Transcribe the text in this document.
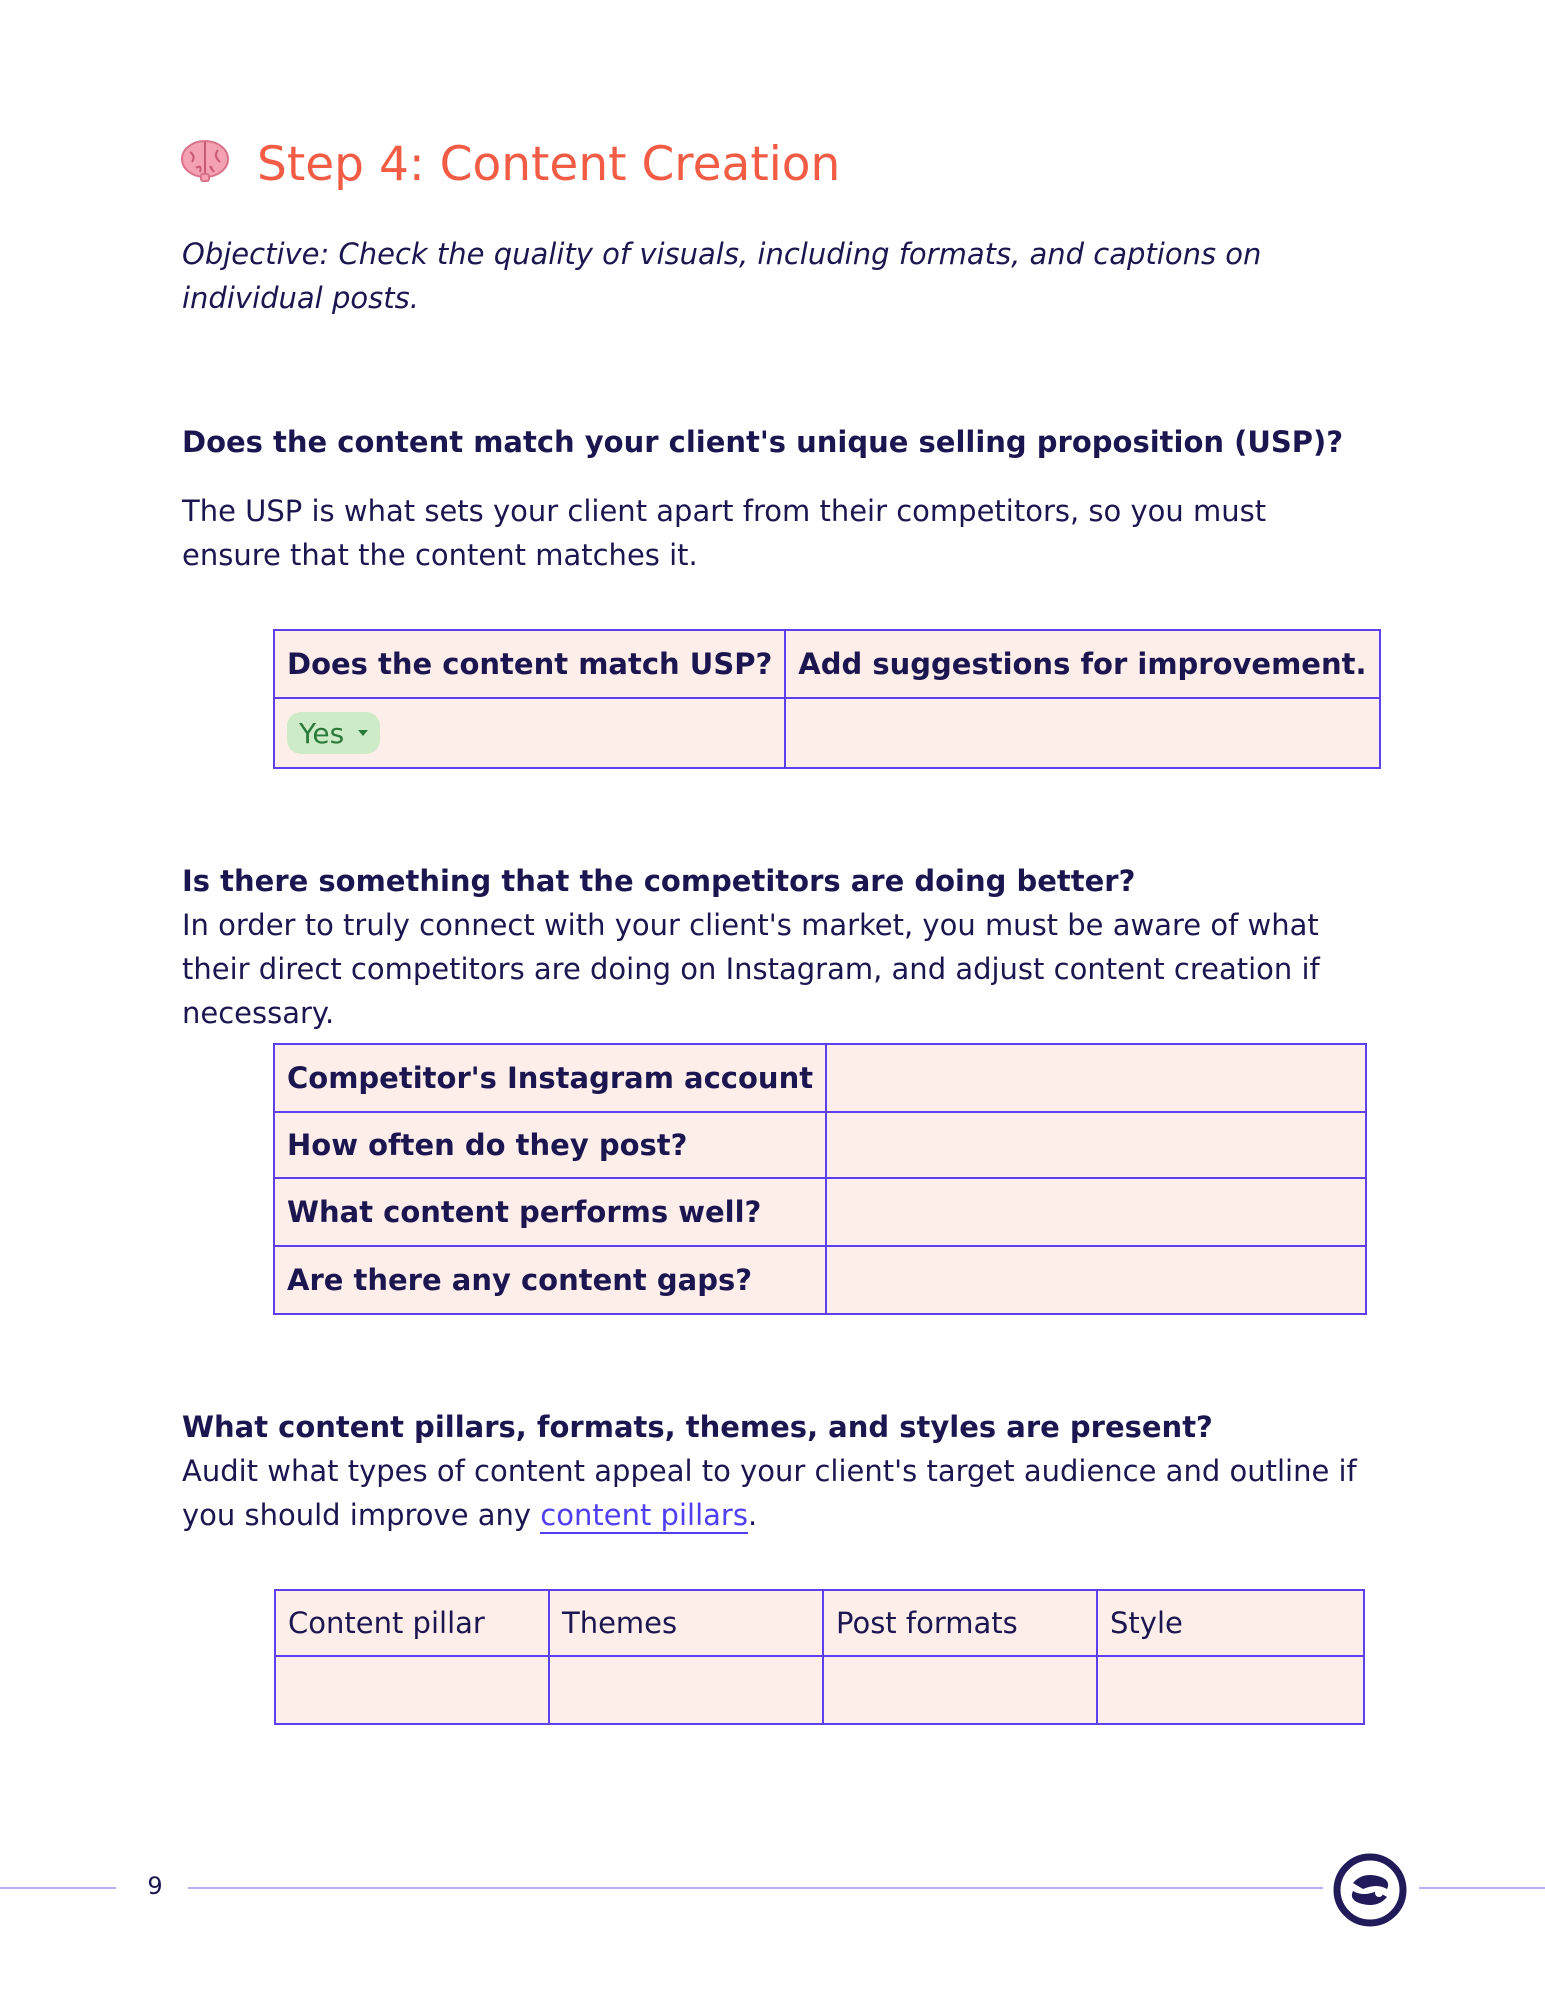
Step 4: Content Creation
Objective: Check the quality of visuals, including formats, and captions on individual posts.
Does the content match your client's unique selling proposition (USP)?
The USP is what sets your client apart from their competitors, so you must ensure that the content matches it.
Does the content match USP?	Add suggestions for improvement.

Yes	

Is there something that the competitors are doing better?
In order to truly connect with your client's market, you must be aware of what their direct competitors are doing on Instagram, and adjust content creation if necessary.
Competitor's Instagram account	
How often do they post?	
What content performs well?	
Are there any content gaps?	
What content pillars, formats, themes, and styles are present?
Audit what types of content appeal to your client's target audience and outline if you should improve any content pillars.
Content pillar	Themes	Post formats	Style

9
